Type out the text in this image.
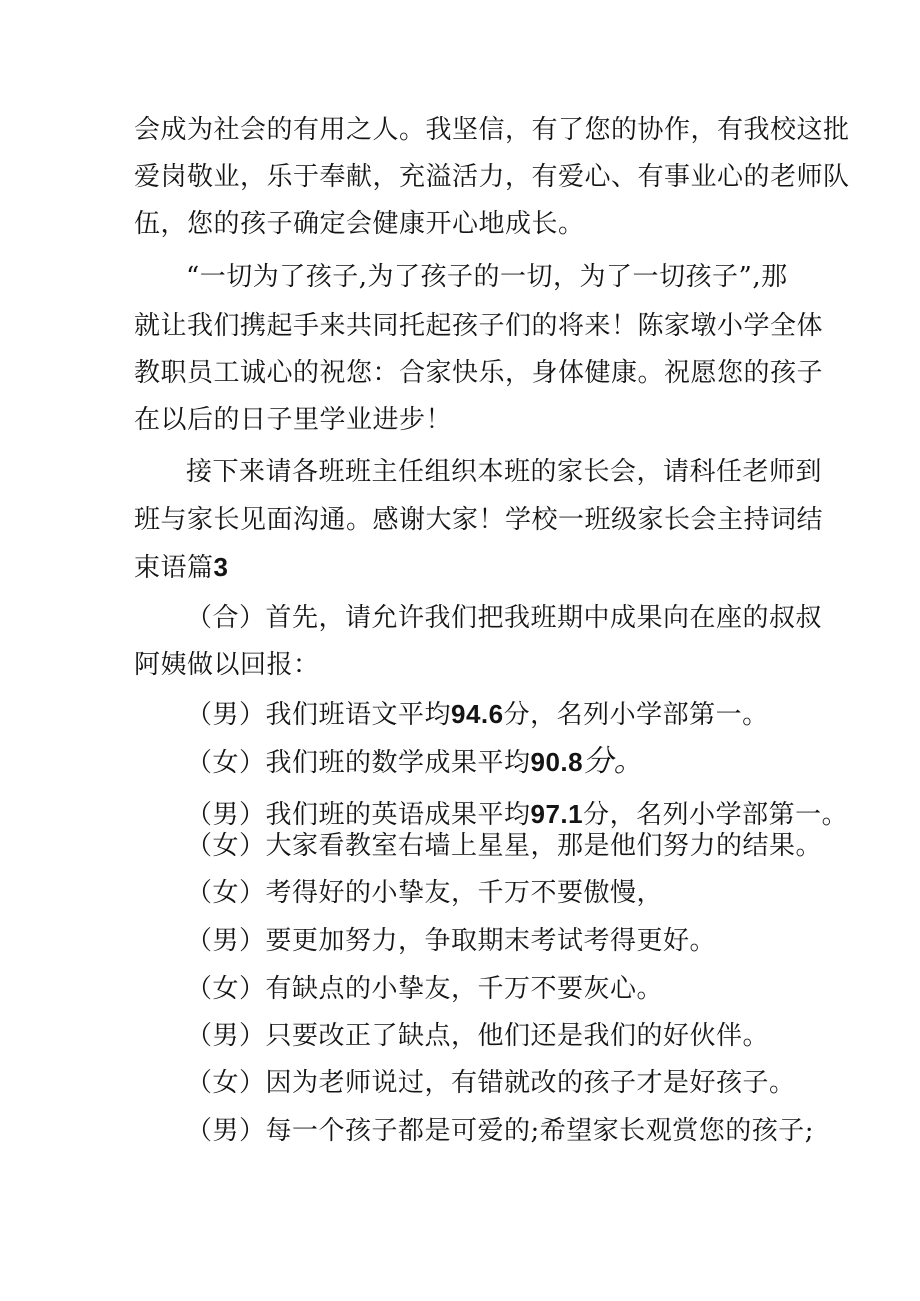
会成为社会的有用之人。我坚信，有了您的协作，有我校这批
爱岗敬业，乐于奉献，充溢活力，有爱心、有事业心的老师队
伍，您的孩子确定会健康开心地成长。
“一切为了孩子,为了孩子的一切，为了一切孩子”,那
就让我们携起手来共同托起孩子们的将来！陈家墩小学全体
教职员工诚心的祝您：合家快乐，身体健康。祝愿您的孩子
在以后的日子里学业进步！
接下来请各班班主任组织本班的家长会，请科任老师到
班与家长见面沟通。感谢大家！学校一班级家长会主持词结
束语篇3
（合）首先，请允许我们把我班期中成果向在座的叔叔
阿姨做以回报：
（男）我们班语文平均94.6分，名列小学部第一。
（女）我们班的数学成果平均90.8分。
（男）我们班的英语成果平均97.1分，名列小学部第一。
（女）大家看教室右墙上星星，那是他们努力的结果。
（女）考得好的小挚友，千万不要傲慢，
（男）要更加努力，争取期末考试考得更好。
（女）有缺点的小挚友，千万不要灰心。
（男）只要改正了缺点，他们还是我们的好伙伴。
（女）因为老师说过，有错就改的孩子才是好孩子。
（男）每一个孩子都是可爱的;希望家长观赏您的孩子;
